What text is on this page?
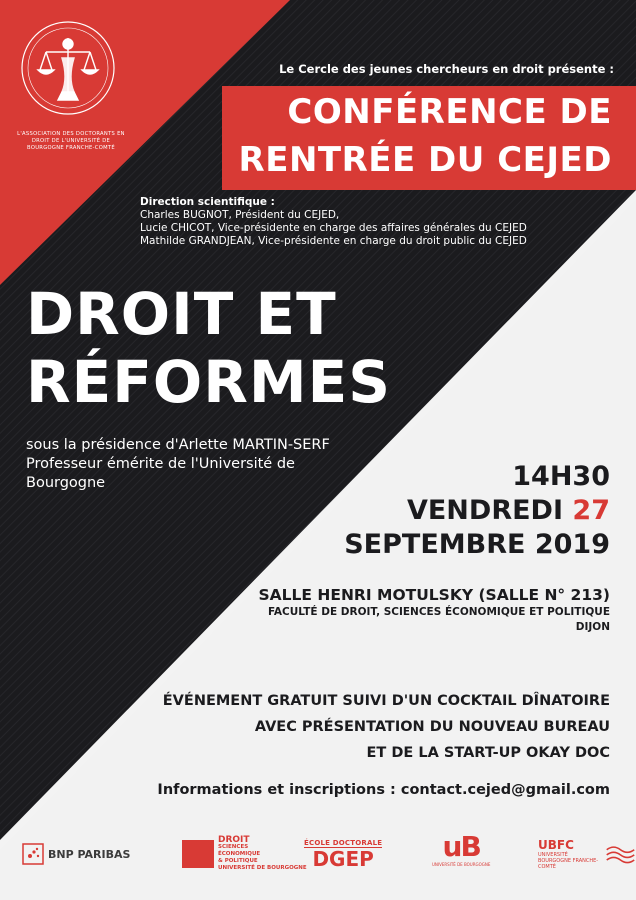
L'ASSOCIATION DES DOCTORANTS EN DROIT DE L'UNIVERSITÉ DE BOURGOGNE FRANCHE-COMTÉ
Le Cercle des jeunes chercheurs en droit présente :
CONFÉRENCE DE
RENTRÉE DU CEJED
Direction scientifique :
Charles BUGNOT, Président du CEJED,
Lucie CHICOT, Vice-présidente en charge des affaires générales du CEJED
Mathilde GRANDJEAN, Vice-présidente en charge du droit public du CEJED
DROIT ET
RÉFORMES
sous la présidence d'Arlette MARTIN-SERF
Professeur émérite de l'Université de
Bourgogne	14H30
VENDREDI 27
SEPTEMBRE 2019
SALLE HENRI MOTULSKY (SALLE N° 213)
FACULTÉ DE DROIT, SCIENCES ÉCONOMIQUE ET POLITIQUE
DIJON
ÉVÉNEMENT GRATUIT SUIVI D'UN COCKTAIL DÎNATOIRE
AVEC PRÉSENTATION DU NOUVEAU BUREAU
ET DE LA START-UP OKAY DOC
Informations et inscriptions : contact.cejed@gmail.com
BNP PARIBAS
DROIT
SCIENCES
ÉCONOMIQUE
& POLITIQUE
UNIVERSITÉ DE BOURGOGNE
ÉCOLE DOCTORALE
DGEP uB
UNIVERSITÉ DE BOURGOGNE
UBFC
UNIVERSITÉ
BOURGOGNE FRANCHE-COMTÉ
